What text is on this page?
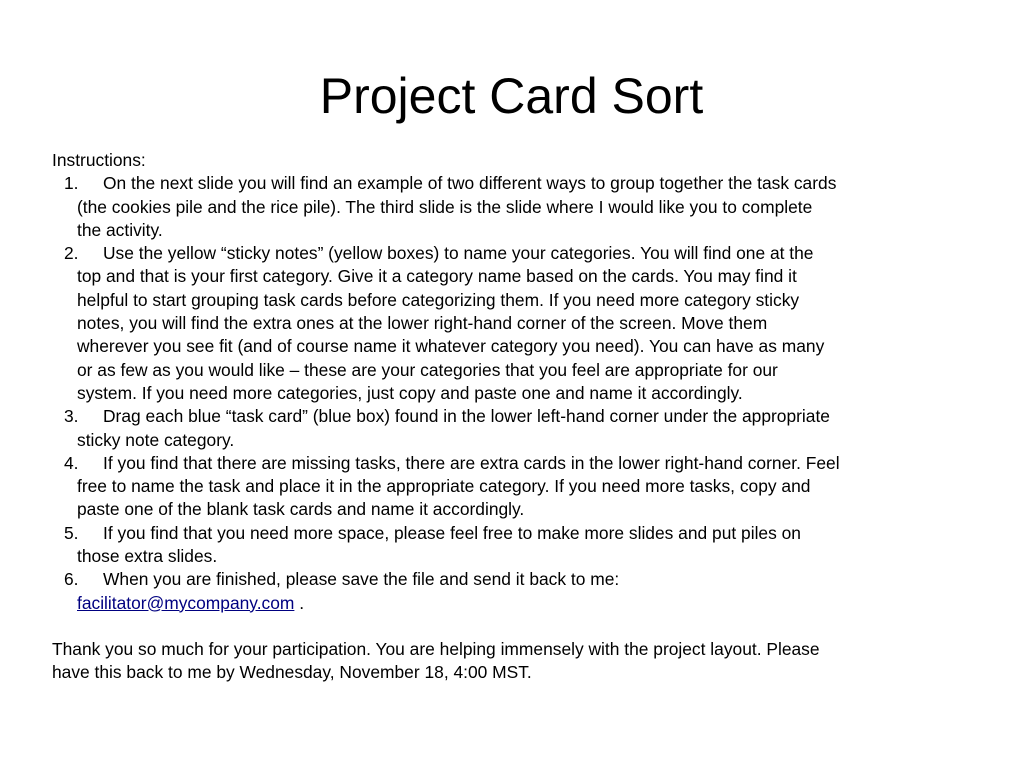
Project Card Sort
Instructions:
1.	On the next slide you will find an example of two different ways to group together the task cards
(the cookies pile and the rice pile). The third slide is the slide where I would like you to complete
the activity.
2.	Use the yellow “sticky notes” (yellow boxes) to name your categories. You will find one at the
top and that is your first category. Give it a category name based on the cards. You may find it
helpful to start grouping task cards before categorizing them. If you need more category sticky
notes, you will find the extra ones at the lower right-hand corner of the screen. Move them
wherever you see fit (and of course name it whatever category you need). You can have as many
or as few as you would like – these are your categories that you feel are appropriate for our
system. If you need more categories, just copy and paste one and name it accordingly.
3.	Drag each blue “task card” (blue box) found in the lower left-hand corner under the appropriate
sticky note category.
4.	If you find that there are missing tasks, there are extra cards in the lower right-hand corner. Feel
free to name the task and place it in the appropriate category. If you need more tasks, copy and
paste one of the blank task cards and name it accordingly.
5.	If you find that you need more space, please feel free to make more slides and put piles on
those extra slides.
6.	When you are finished, please save the file and send it back to me:
facilitator@mycompany.com .

Thank you so much for your participation. You are helping immensely with the project layout. Please
have this back to me by Wednesday, November 18, 4:00 MST.
